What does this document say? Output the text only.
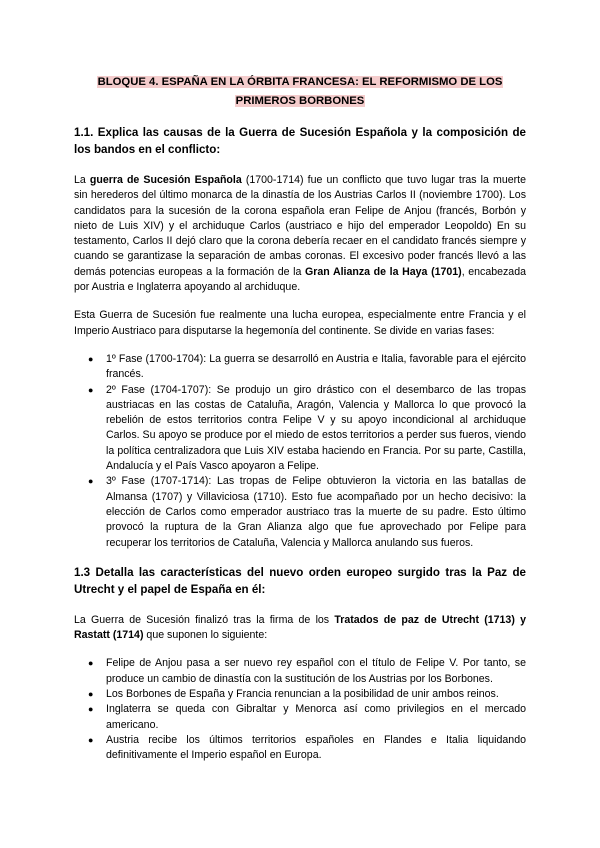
BLOQUE 4. ESPAÑA EN LA ÓRBITA FRANCESA: EL REFORMISMO DE LOS PRIMEROS BORBONES
1.1. Explica las causas de la Guerra de Sucesión Española y la composición de los bandos en el conflicto:

La guerra de Sucesión Española (1700-1714) fue un conflicto que tuvo lugar tras la muerte sin herederos del último monarca de la dinastía de los Austrias Carlos II (noviembre 1700). Los candidatos para la sucesión de la corona española eran Felipe de Anjou (francés, Borbón y nieto de Luis XIV) y el archiduque Carlos (austriaco e hijo del emperador Leopoldo) En su testamento, Carlos II dejó claro que la corona debería recaer en el candidato francés siempre y cuando se garantizase la separación de ambas coronas. El excesivo poder francés llevó a las demás potencias europeas a la formación de la Gran Alianza de la Haya (1701), encabezada por Austria e Inglaterra apoyando al archiduque.

Esta Guerra de Sucesión fue realmente una lucha europea, especialmente entre Francia y el Imperio Austriaco para disputarse la hegemonía del continente. Se divide en varias fases:

● 1º Fase (1700-1704): La guerra se desarrolló en Austria e Italia, favorable para el ejército francés.
● 2º Fase (1704-1707): Se produjo un giro drástico con el desembarco de las tropas austriacas en las costas de Cataluña, Aragón, Valencia y Mallorca lo que provocó la rebelión de estos territorios contra Felipe V y su apoyo incondicional al archiduque Carlos. Su apoyo se produce por el miedo de estos territorios a perder sus fueros, viendo la política centralizadora que Luis XIV estaba haciendo en Francia. Por su parte, Castilla, Andalucía y el País Vasco apoyaron a Felipe.
● 3º Fase (1707-1714): Las tropas de Felipe obtuvieron la victoria en las batallas de Almansa (1707) y Villaviciosa (1710). Esto fue acompañado por un hecho decisivo: la elección de Carlos como emperador austriaco tras la muerte de su padre. Esto último provocó la ruptura de la Gran Alianza algo que fue aprovechado por Felipe para recuperar los territorios de Cataluña, Valencia y Mallorca anulando sus fueros.
1.3 Detalla las características del nuevo orden europeo surgido tras la Paz de Utrecht y el papel de España en él:

La Guerra de Sucesión finalizó tras la firma de los Tratados de paz de Utrecht (1713) y Rastatt (1714) que suponen lo siguiente:

● Felipe de Anjou pasa a ser nuevo rey español con el título de Felipe V. Por tanto, se produce un cambio de dinastía con la sustitución de los Austrias por los Borbones.
● Los Borbones de España y Francia renuncian a la posibilidad de unir ambos reinos.
● Inglaterra se queda con Gibraltar y Menorca así como privilegios en el mercado americano.
● Austria recibe los últimos territorios españoles en Flandes e Italia liquidando definitivamente el Imperio español en Europa.
